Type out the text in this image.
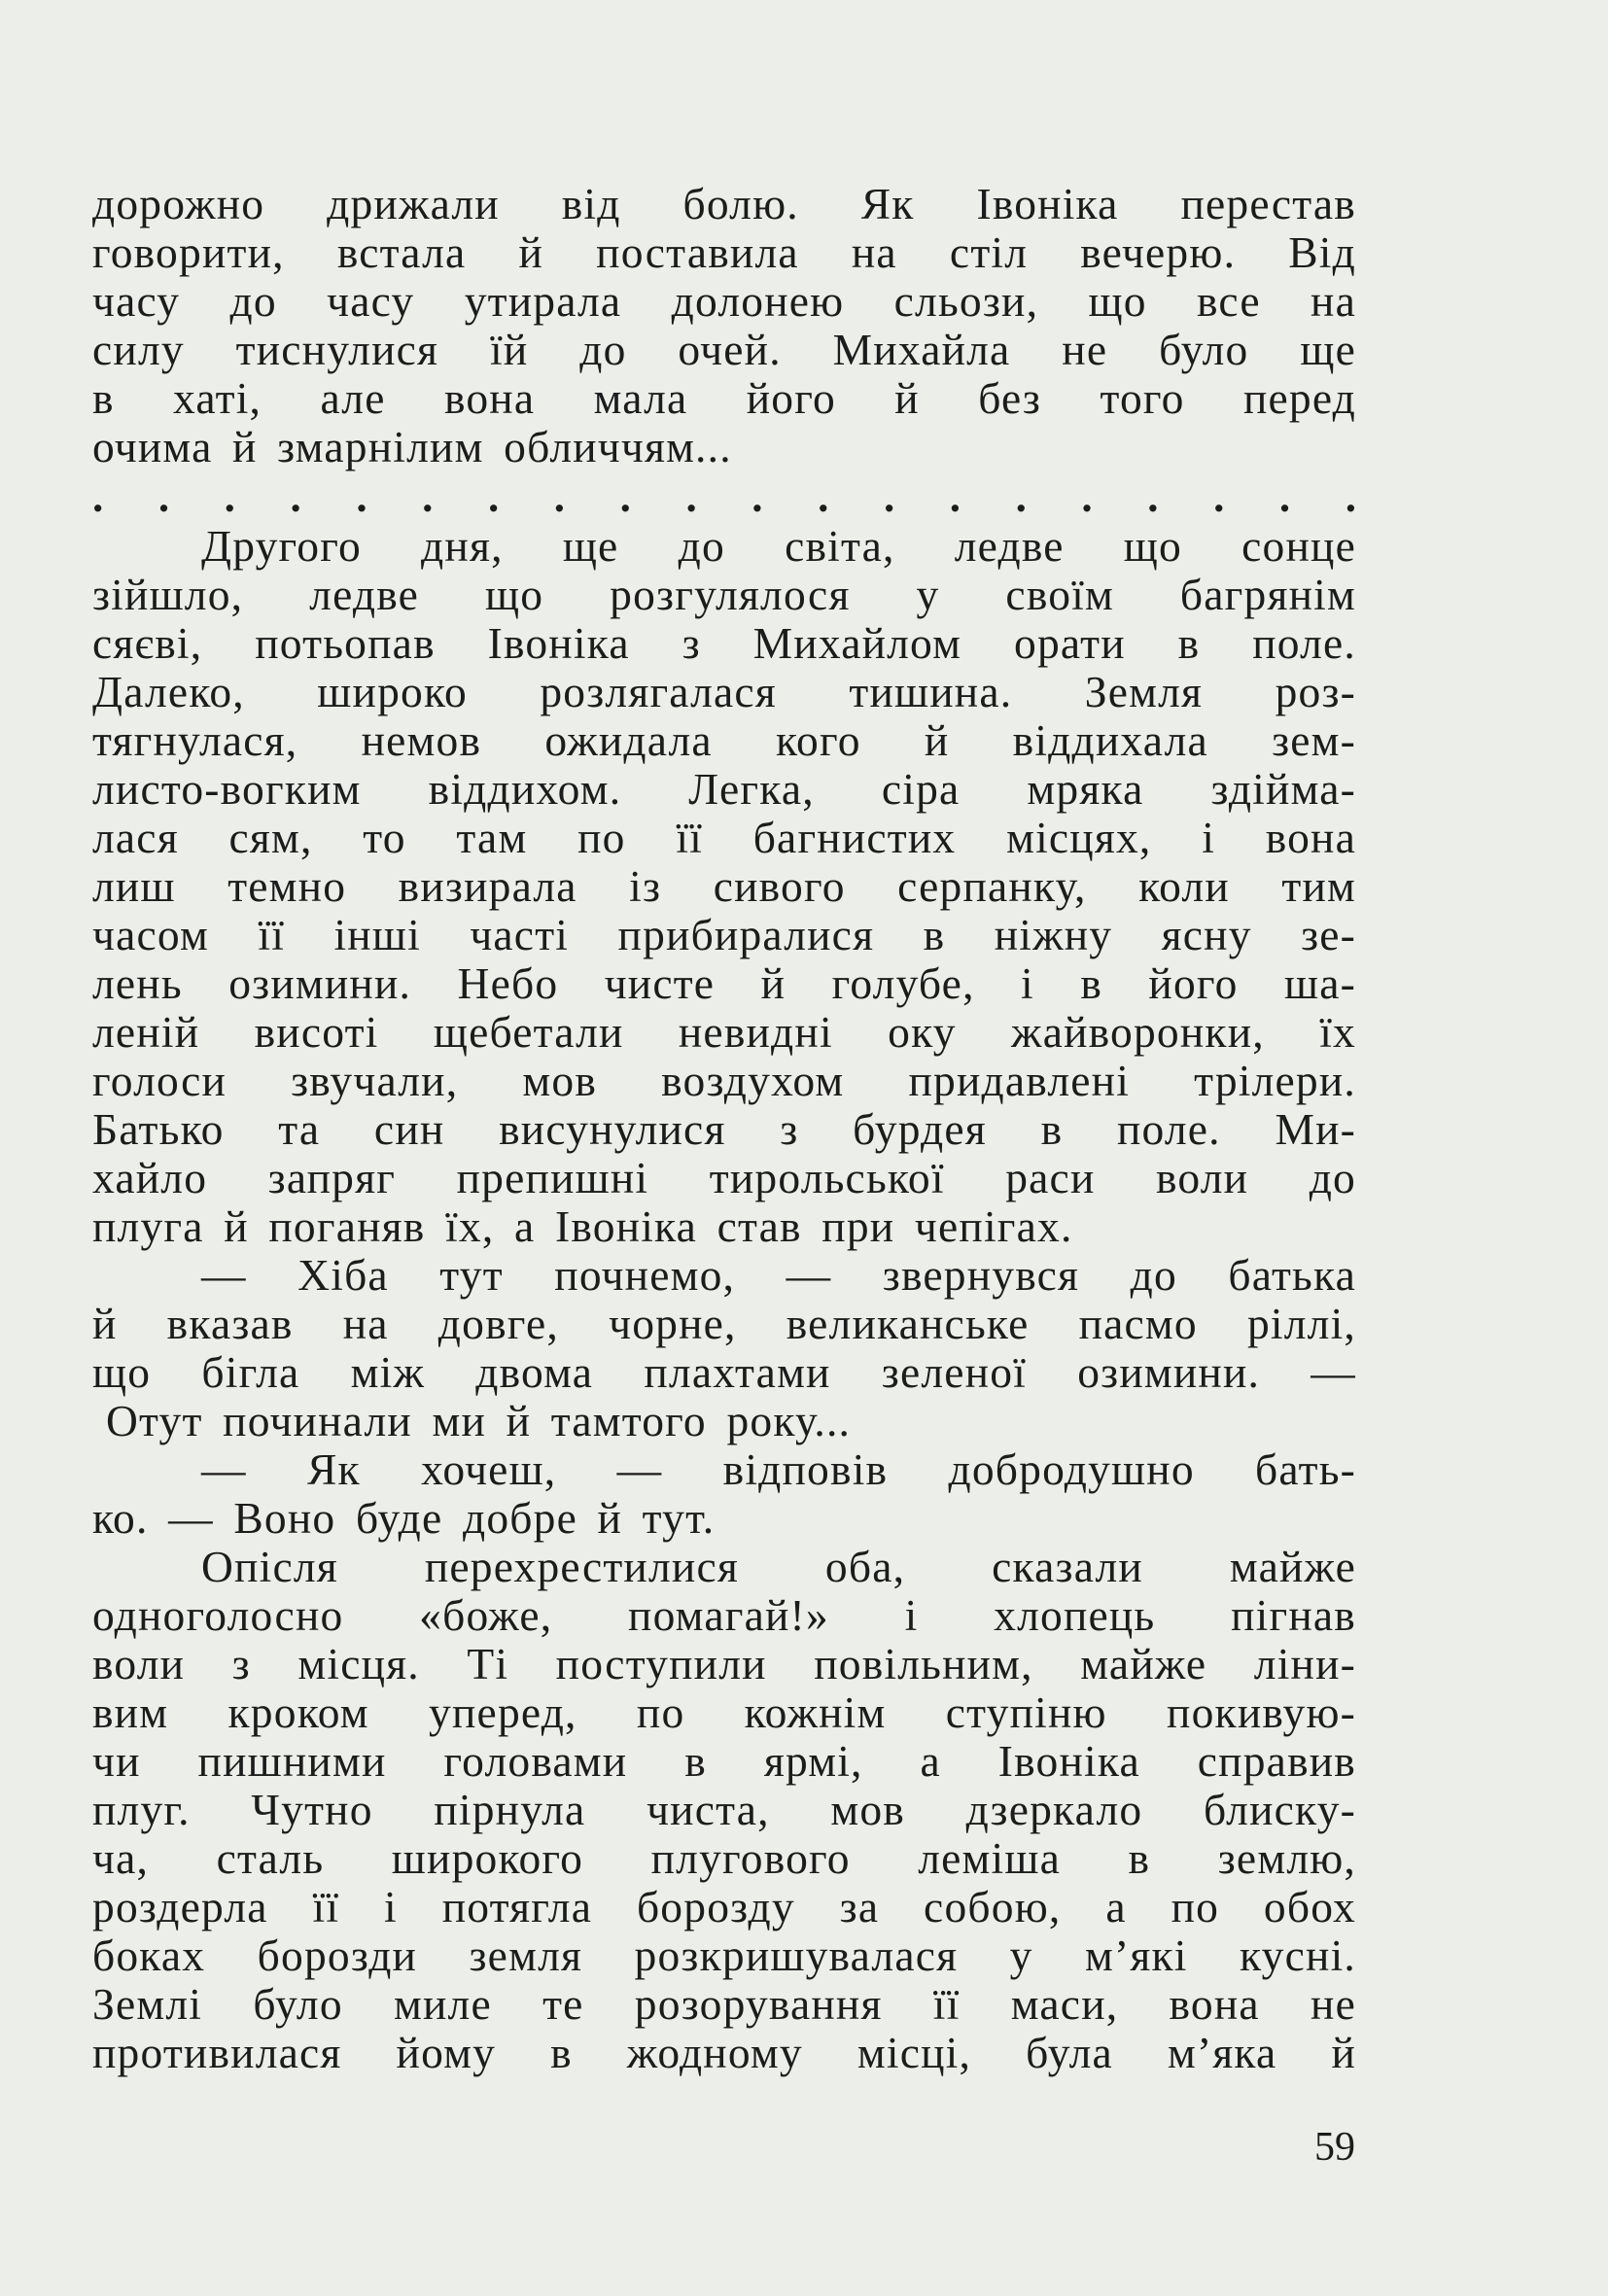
дорожно дрижали від болю. Як Івоніка перестав

говорити, встала й поставила на стіл вечерю. Від

часу до часу утирала долонею сльози, що все на

силу тиснулися їй до очей. Михайла не було ще

в хаті, але вона мала його й без того перед

очима й змарнілим обличчям...

. . . . . . . . . . . . . . . . . . . .

Другого дня, ще до світа, ледве що сонце

зійшло, ледве що розгулялося у своїм багрянім

сяєві, потьопав Івоніка з Михайлом орати в поле.

Далеко, широко розлягалася тишина. Земля роз-

тягнулася, немов ожидала кого й віддихала зем-

листо-вогким віддихом. Легка, сіра мряка здійма-

лася сям, то там по її багнистих місцях, і вона

лиш темно визирала із сивого серпанку, коли тим

часом її інші часті прибиралися в ніжну ясну зе-

лень озимини. Небо чисте й голубе, і в його ша-

леній висоті щебетали невидні оку жайворонки, їх

голоси звучали, мов воздухом придавлені трілери.

Батько та син висунулися з бурдея в поле. Ми-

хайло запряг препишні тирольської раси воли до

плуга й поганяв їх, а Івоніка став при чепігах.

— Хіба тут почнемо, — звернувся до батька

й вказав на довге, чорне, великанське пасмо ріллі,

що бігла між двома плахтами зеленої озимини. —

Отут починали ми й тамтого року...

— Як хочеш, — відповів добродушно бать-

ко. — Воно буде добре й тут.

Опісля перехрестилися оба, сказали майже

одноголосно «боже, помагай!» і хлопець пігнав

воли з місця. Ті поступили повільним, майже ліни-

вим кроком уперед, по кожнім ступіню покивую-

чи пишними головами в ярмі, а Івоніка справив

плуг. Чутно пірнула чиста, мов дзеркало блиску-

ча, сталь широкого плугового леміша в землю,

роздерла її і потягла борозду за собою, а по обох

боках борозди земля розкришувалася у м’які кусні.

Землі було миле те розорування її маси, вона не

противилася йому в жодному місці, була м’яка й

59
